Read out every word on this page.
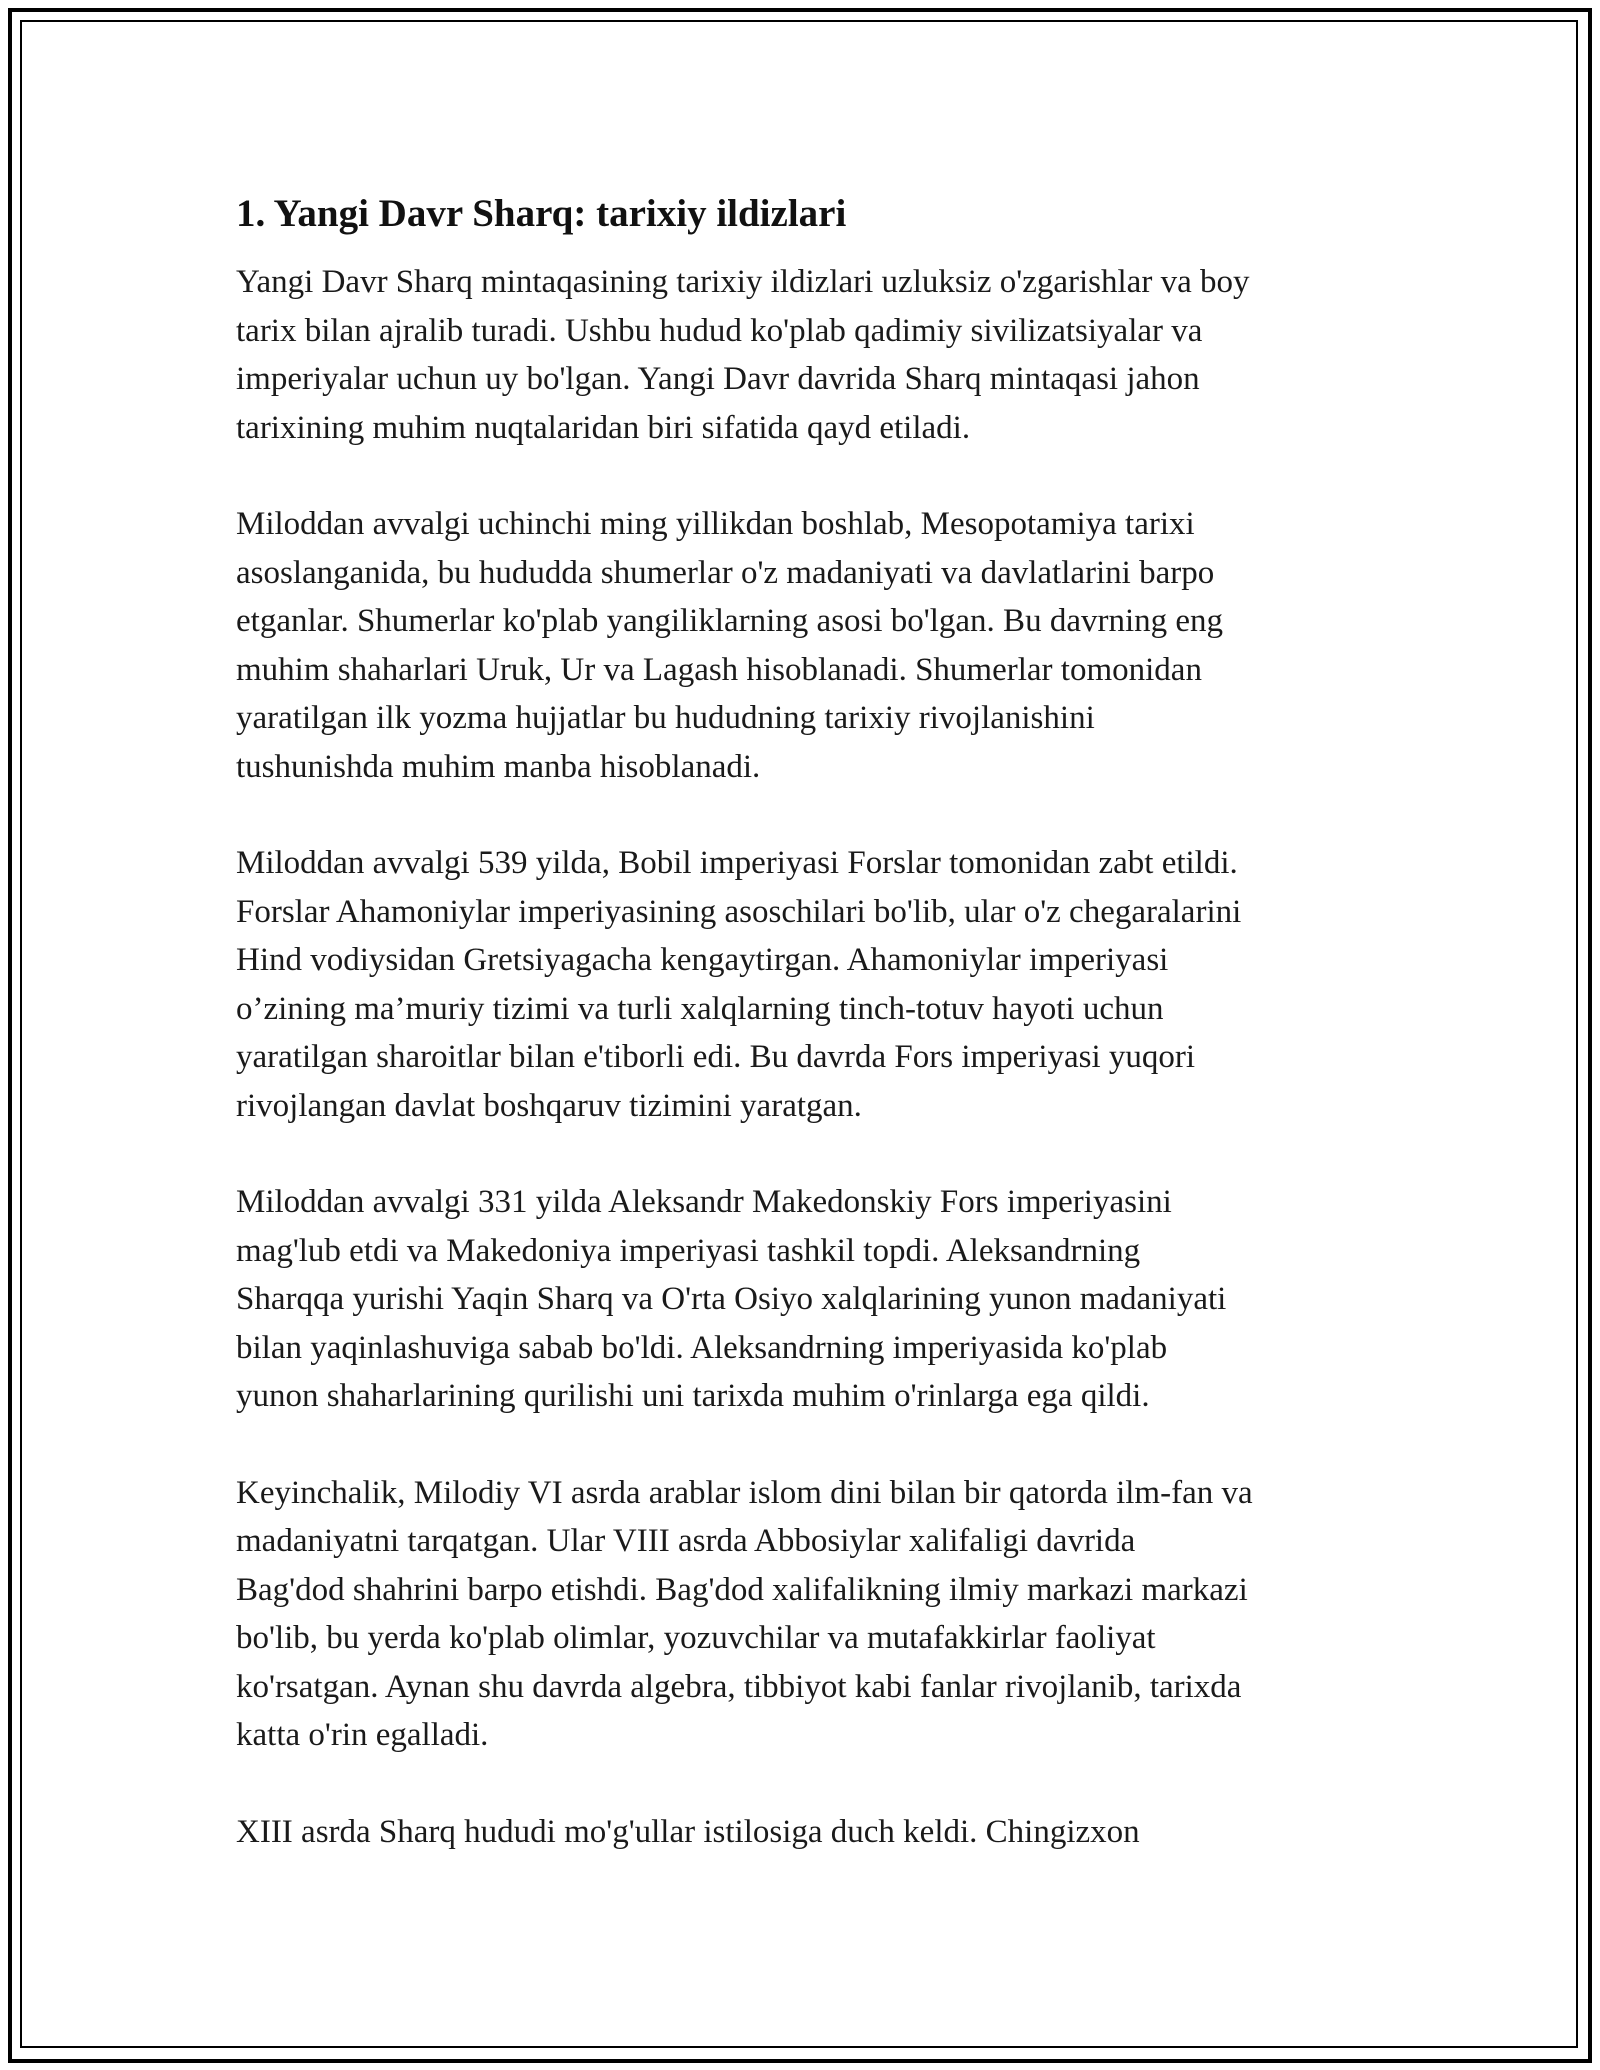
1. Yangi Davr Sharq: tarixiy ildizlari

Yangi Davr Sharq mintaqasining tarixiy ildizlari uzluksiz o'zgarishlar va boy
tarix bilan ajralib turadi. Ushbu hudud ko'plab qadimiy sivilizatsiyalar va
imperiyalar uchun uy bo'lgan. Yangi Davr davrida Sharq mintaqasi jahon
tarixining muhim nuqtalaridan biri sifatida qayd etiladi.

Miloddan avvalgi uchinchi ming yillikdan boshlab, Mesopotamiya tarixi
asoslanganida, bu hududda shumerlar o'z madaniyati va davlatlarini barpo
etganlar. Shumerlar ko'plab yangiliklarning asosi bo'lgan. Bu davrning eng
muhim shaharlari Uruk, Ur va Lagash hisoblanadi. Shumerlar tomonidan
yaratilgan ilk yozma hujjatlar bu hududning tarixiy rivojlanishini
tushunishda muhim manba hisoblanadi.

Miloddan avvalgi 539 yilda, Bobil imperiyasi Forslar tomonidan zabt etildi.
Forslar Ahamoniylar imperiyasining asoschilari bo'lib, ular o'z chegaralarini
Hind vodiysidan Gretsiyagacha kengaytirgan. Ahamoniylar imperiyasi
o’zining ma’muriy tizimi va turli xalqlarning tinch-totuv hayoti uchun
yaratilgan sharoitlar bilan e'tiborli edi. Bu davrda Fors imperiyasi yuqori
rivojlangan davlat boshqaruv tizimini yaratgan.

Miloddan avvalgi 331 yilda Aleksandr Makedonskiy Fors imperiyasini
mag'lub etdi va Makedoniya imperiyasi tashkil topdi. Aleksandrning
Sharqqa yurishi Yaqin Sharq va O'rta Osiyo xalqlarining yunon madaniyati
bilan yaqinlashuviga sabab bo'ldi. Aleksandrning imperiyasida ko'plab
yunon shaharlarining qurilishi uni tarixda muhim o'rinlarga ega qildi.

Keyinchalik, Milodiy VI asrda arablar islom dini bilan bir qatorda ilm-fan va
madaniyatni tarqatgan. Ular VIII asrda Abbosiylar xalifaligi davrida
Bag'dod shahrini barpo etishdi. Bag'dod xalifalikning ilmiy markazi markazi
bo'lib, bu yerda ko'plab olimlar, yozuvchilar va mutafakkirlar faoliyat
ko'rsatgan. Aynan shu davrda algebra, tibbiyot kabi fanlar rivojlanib, tarixda
katta o'rin egalladi.

XIII asrda Sharq hududi mo'g'ullar istilosiga duch keldi. Chingizxon
